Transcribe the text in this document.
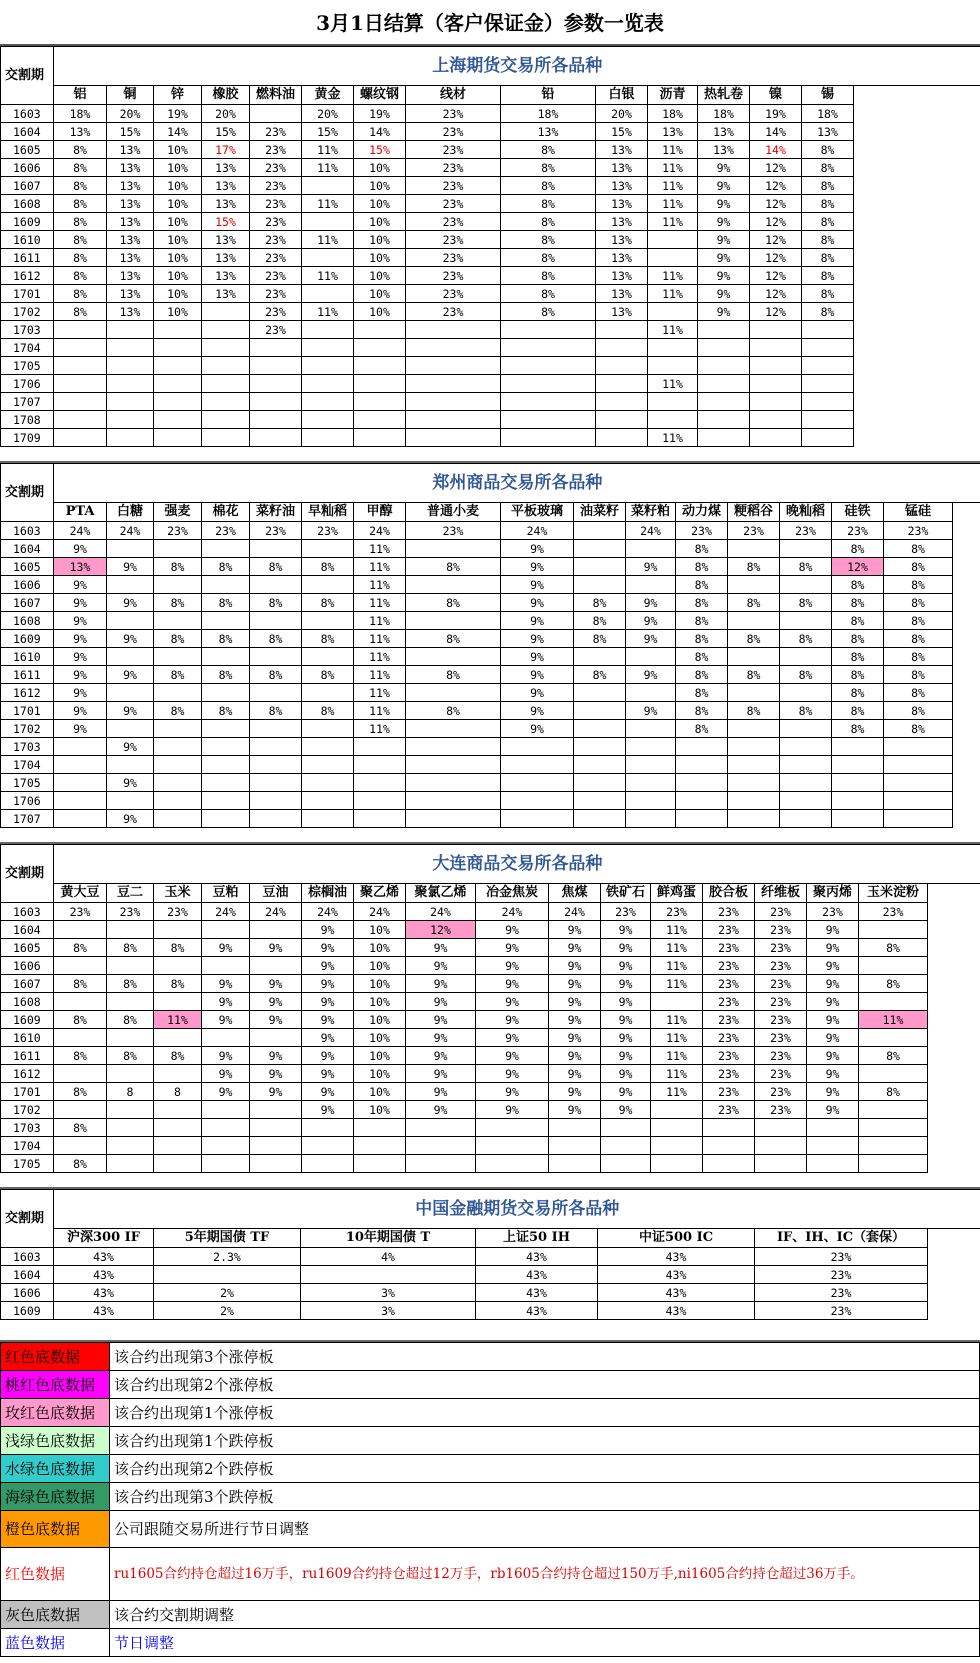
3月1日结算（客户保证金）参数一览表
交割期	上海期货交易所各品种														
	铝	铜	锌	橡胶	燃料油	黄金	螺纹钢	线材	铅	白银	沥青	热轧卷	镍	锡	
1603	18%	20%	19%	20%		20%	19%	23%	18%	20%	18%	18%	19%	18%	
1604	13%	15%	14%	15%	23%	15%	14%	23%	13%	15%	13%	13%	14%	13%	
1605	8%	13%	10%	17%	23%	11%	15%	23%	8%	13%	11%	13%	14%	8%	
1606	8%	13%	10%	13%	23%	11%	10%	23%	8%	13%	11%	9%	12%	8%	
1607	8%	13%	10%	13%	23%		10%	23%	8%	13%	11%	9%	12%	8%	
1608	8%	13%	10%	13%	23%	11%	10%	23%	8%	13%	11%	9%	12%	8%	
1609	8%	13%	10%	15%	23%		10%	23%	8%	13%	11%	9%	12%	8%	
1610	8%	13%	10%	13%	23%	11%	10%	23%	8%	13%		9%	12%	8%	
1611	8%	13%	10%	13%	23%		10%	23%	8%	13%		9%	12%	8%	
1612	8%	13%	10%	13%	23%	11%	10%	23%	8%	13%	11%	9%	12%	8%	
1701	8%	13%	10%	13%	23%		10%	23%	8%	13%	11%	9%	12%	8%	
1702	8%	13%	10%		23%	11%	10%	23%	8%	13%		9%	12%	8%	
1703					23%						11%				
1704															
1705															
1706											11%				
1707															
1708															
1709											11%				
交割期	郑州商品交易所各品种																
	PTA	白糖	强麦	棉花	菜籽油	早籼稻	甲醇	普通小麦	平板玻璃	油菜籽	菜籽粕	动力煤	粳稻谷	晚籼稻	硅铁	锰硅	
1603	24%	24%	23%	23%	23%	23%	24%	23%	24%		24%	23%	23%	23%	23%	23%	
1604	9%						11%		9%			8%			8%	8%	
1605	13%	9%	8%	8%	8%	8%	11%	8%	9%		9%	8%	8%	8%	12%	8%	
1606	9%						11%		9%			8%			8%	8%	
1607	9%	9%	8%	8%	8%	8%	11%	8%	9%	8%	9%	8%	8%	8%	8%	8%	
1608	9%						11%		9%	8%	9%	8%			8%	8%	
1609	9%	9%	8%	8%	8%	8%	11%	8%	9%	8%	9%	8%	8%	8%	8%	8%	
1610	9%						11%		9%			8%			8%	8%	
1611	9%	9%	8%	8%	8%	8%	11%	8%	9%	8%	9%	8%	8%	8%	8%	8%	
1612	9%						11%		9%			8%			8%	8%	
1701	9%	9%	8%	8%	8%	8%	11%	8%	9%		9%	8%	8%	8%	8%	8%	
1702	9%						11%		9%			8%			8%	8%	
1703		9%															
1704																	
1705		9%															
1706																	
1707		9%															
交割期	大连商品交易所各品种																
	黄大豆	豆二	玉米	豆粕	豆油	棕榈油	聚乙烯	聚氯乙烯	冶金焦炭	焦煤	铁矿石	鲜鸡蛋	胶合板	纤维板	聚丙烯	玉米淀粉	
1603	23%	23%	23%	24%	24%	24%	24%	24%	24%	24%	23%	23%	23%	23%	23%	23%	
1604						9%	10%	12%	9%	9%	9%	11%	23%	23%	9%		
1605	8%	8%	8%	9%	9%	9%	10%	9%	9%	9%	9%	11%	23%	23%	9%	8%	
1606						9%	10%	9%	9%	9%	9%	11%	23%	23%	9%		
1607	8%	8%	8%	9%	9%	9%	10%	9%	9%	9%	9%	11%	23%	23%	9%	8%	
1608				9%	9%	9%	10%	9%	9%	9%	9%		23%	23%	9%		
1609	8%	8%	11%	9%	9%	9%	10%	9%	9%	9%	9%	11%	23%	23%	9%	11%	
1610						9%	10%	9%	9%	9%	9%	11%	23%	23%	9%		
1611	8%	8%	8%	9%	9%	9%	10%	9%	9%	9%	9%	11%	23%	23%	9%	8%	
1612				9%	9%	9%	10%	9%	9%	9%	9%	11%	23%	23%	9%		
1701	8%	8	8	9%	9%	9%	10%	9%	9%	9%	9%	11%	23%	23%	9%	8%	
1702						9%	10%	9%	9%	9%	9%		23%	23%	9%		
1703	8%																
1704																	
1705	8%																
交割期	中国金融期货交易所各品种						
	沪深300 IF	5年期国债 TF	10年期国债 T	上证50 IH	中证500 IC	IF、IH、IC（套保）	
1603	43%	2.3%	4%	43%	43%	23%	
1604	43%			43%	43%	23%	
1606	43%	2%	3%	43%	43%	23%	
1609	43%	2%	3%	43%	43%	23%	
红色底数据	该合约出现第3个涨停板
桃红色底数据	该合约出现第2个涨停板
玫红色底数据	该合约出现第1个涨停板
浅绿色底数据	该合约出现第1个跌停板
水绿色底数据	该合约出现第2个跌停板
海绿色底数据	该合约出现第3个跌停板
橙色底数据	公司跟随交易所进行节日调整
红色数据	ru1605合约持仓超过16万手，ru1609合约持仓超过12万手，rb1605合约持仓超过150万手,ni1605合约持仓超过36万手。
灰色底数据	该合约交割期调整
蓝色数据	节日调整
